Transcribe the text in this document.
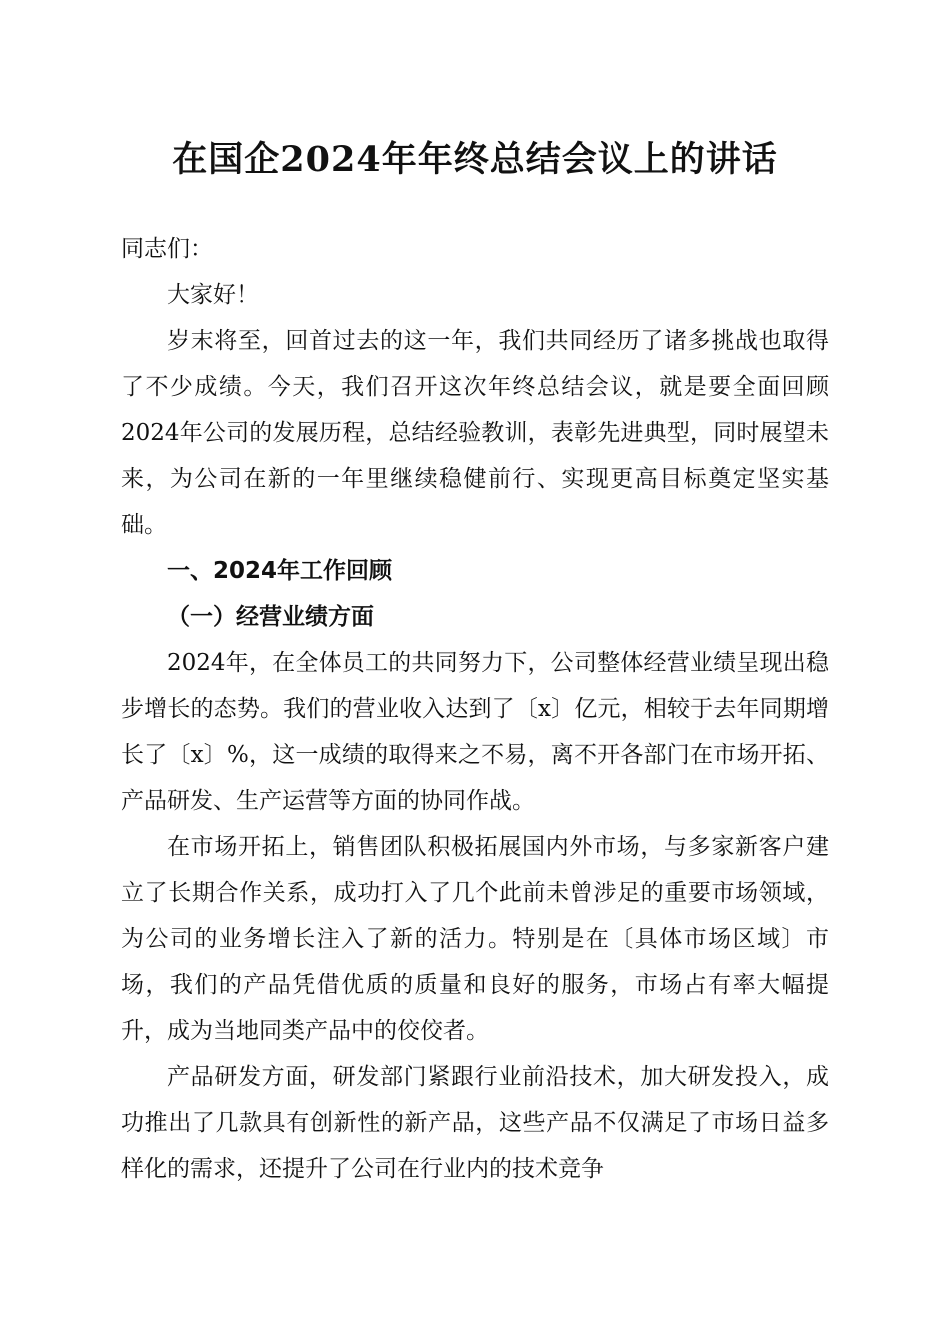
在国企2024年年终总结会议上的讲话

同志们：

大家好！

岁末将至，回首过去的这一年，我们共同经历了诸多挑战也取得了不少成绩。今天，我们召开这次年终总结会议，就是要全面回顾2024年公司的发展历程，总结经验教训，表彰先进典型，同时展望未来，为公司在新的一年里继续稳健前行、实现更高目标奠定坚实基础。

一、2024年工作回顾

（一）经营业绩方面

2024年，在全体员工的共同努力下，公司整体经营业绩呈现出稳步增长的态势。我们的营业收入达到了〔x〕亿元，相较于去年同期增长了〔x〕%，这一成绩的取得来之不易，离不开各部门在市场开拓、产品研发、生产运营等方面的协同作战。

在市场开拓上，销售团队积极拓展国内外市场，与多家新客户建立了长期合作关系，成功打入了几个此前未曾涉足的重要市场领域，为公司的业务增长注入了新的活力。特别是在〔具体市场区域〕市场，我们的产品凭借优质的质量和良好的服务，市场占有率大幅提升，成为当地同类产品中的佼佼者。

产品研发方面，研发部门紧跟行业前沿技术，加大研发投入，成功推出了几款具有创新性的新产品，这些产品不仅满足了市场日益多样化的需求，还提升了公司在行业内的技术竞争
